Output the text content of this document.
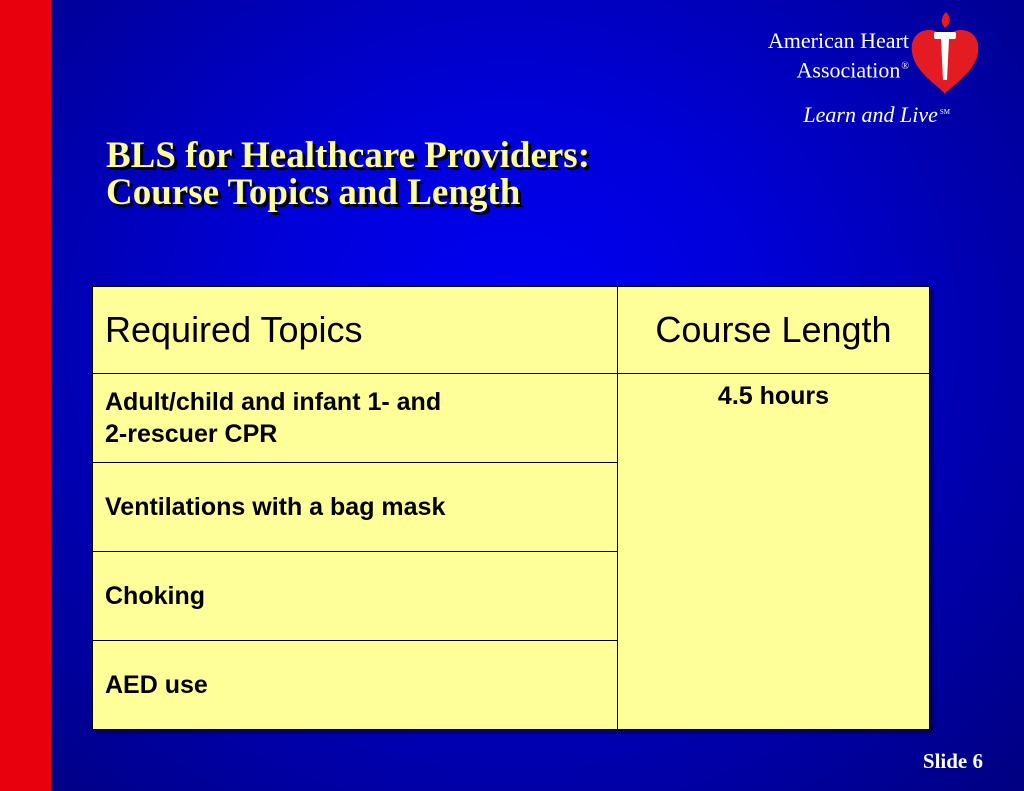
American Heart
Association®
Learn and Live ℠
BLS for Healthcare Providers:
Course Topics and Length
Required Topics	Course Length
Adult/child and infant 1- and
2-rescuer CPR	4.5 hours
Ventilations with a bag mask	
Choking	
AED use	
Slide 6
